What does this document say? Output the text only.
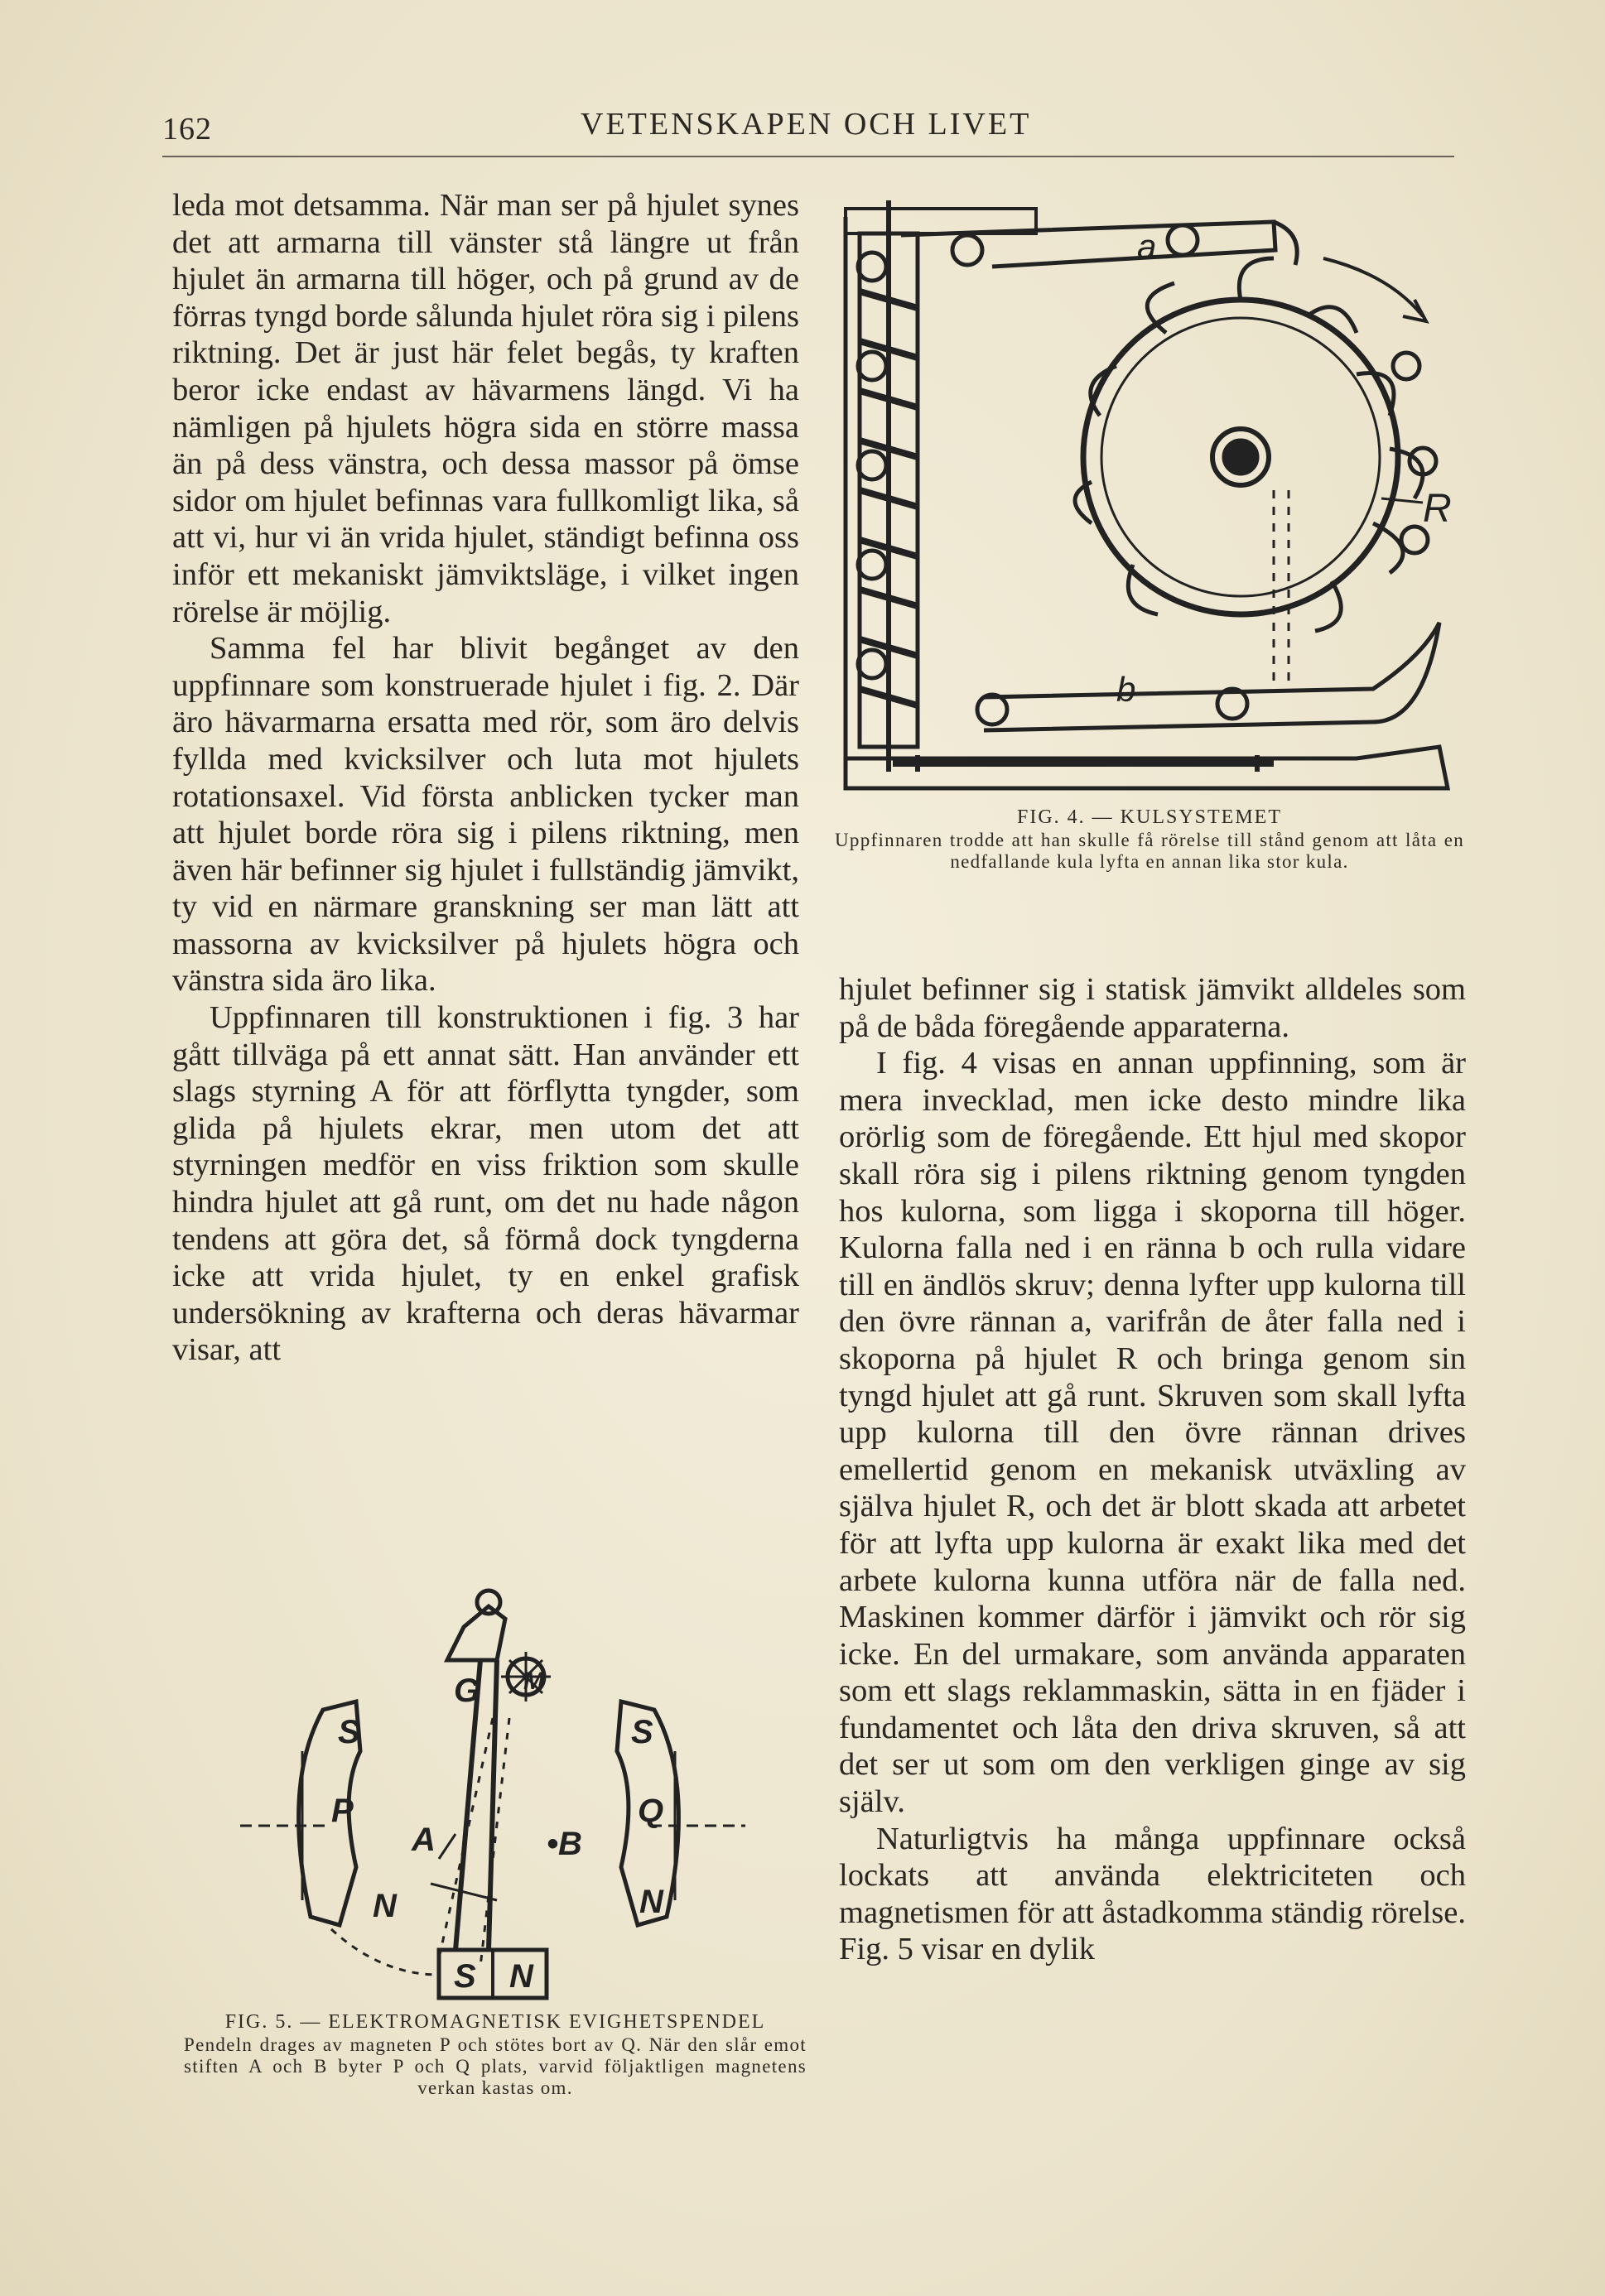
162	VETENSKAPEN OCH LIVET

leda mot detsamma. När man ser på hjulet synes det att armarna till vänster stå längre ut från hjulet än armarna till höger, och på grund av de förras tyngd borde sålunda hjulet röra sig i pilens riktning. Det är just här felet begås, ty kraften beror icke endast av hävarmens längd. Vi ha nämligen på hjulets högra sida en större massa än på dess vänstra, och dessa massor på ömse sidor om hjulet befinnas vara fullkomligt lika, så att vi, hur vi än vrida hjulet, ständigt befinna oss inför ett mekaniskt jämviktsläge, i vilket ingen rörelse är möjlig.

Samma fel har blivit begånget av den uppfinnare som konstruerade hjulet i fig. 2. Där äro hävarmarna ersatta med rör, som äro delvis fyllda med kvicksilver och luta mot hjulets rotationsaxel. Vid första anblicken tycker man att hjulet borde röra sig i pilens riktning, men även här befinner sig hjulet i fullständig jämvikt, ty vid en närmare granskning ser man lätt att massorna av kvicksilver på hjulets högra och vänstra sida äro lika.

Uppfinnaren till konstruktionen i fig. 3 har gått tillväga på ett annat sätt. Han använder ett slags styrning A för att förflytta tyngder, som glida på hjulets ekrar, men utom det att styrningen medför en viss friktion som skulle hindra hjulet att gå runt, om det nu hade någon tendens att göra det, så förmå dock tyngderna icke att vrida hjulet, ty en enkel grafisk undersökning av krafterna och deras hävarmar visar, att

a
b
R
FIG. 4. — KULSYSTEMET
Uppfinnaren trodde att han skulle få rörelse till stånd genom att låta en nedfallande kula lyfta en annan lika stor kula.
G M
S	S
P	Q
A	•B
N	N
S N
FIG. 5. — ELEKTROMAGNETISK EVIGHETSPENDEL
Pendeln drages av magneten P och stötes bort av Q. När den slår emot stiften A och B byter P och Q plats, varvid följaktligen magnetens verkan kastas om.

hjulet befinner sig i statisk jämvikt alldeles som på de båda föregående apparaterna.

I fig. 4 visas en annan uppfinning, som är mera invecklad, men icke desto mindre lika orörlig som de föregående. Ett hjul med skopor skall röra sig i pilens riktning genom tyngden hos kulorna, som ligga i skoporna till höger. Kulorna falla ned i en ränna b och rulla vidare till en ändlös skruv; denna lyfter upp kulorna till den övre rännan a, varifrån de åter falla ned i skoporna på hjulet R och bringa genom sin tyngd hjulet att gå runt. Skruven som skall lyfta upp kulorna till den övre rännan drives emellertid genom en mekanisk utväxling av själva hjulet R, och det är blott skada att arbetet för att lyfta upp kulorna är exakt lika med det arbete kulorna kunna utföra när de falla ned. Maskinen kommer därför i jämvikt och rör sig icke. En del urmakare, som använda apparaten som ett slags reklammaskin, sätta in en fjäder i fundamentet och låta den driva skruven, så att det ser ut som om den verkligen ginge av sig själv.

Naturligtvis ha många uppfinnare också lockats att använda elektriciteten och magnetismen för att åstadkomma ständig rörelse. Fig. 5 visar en dylik
